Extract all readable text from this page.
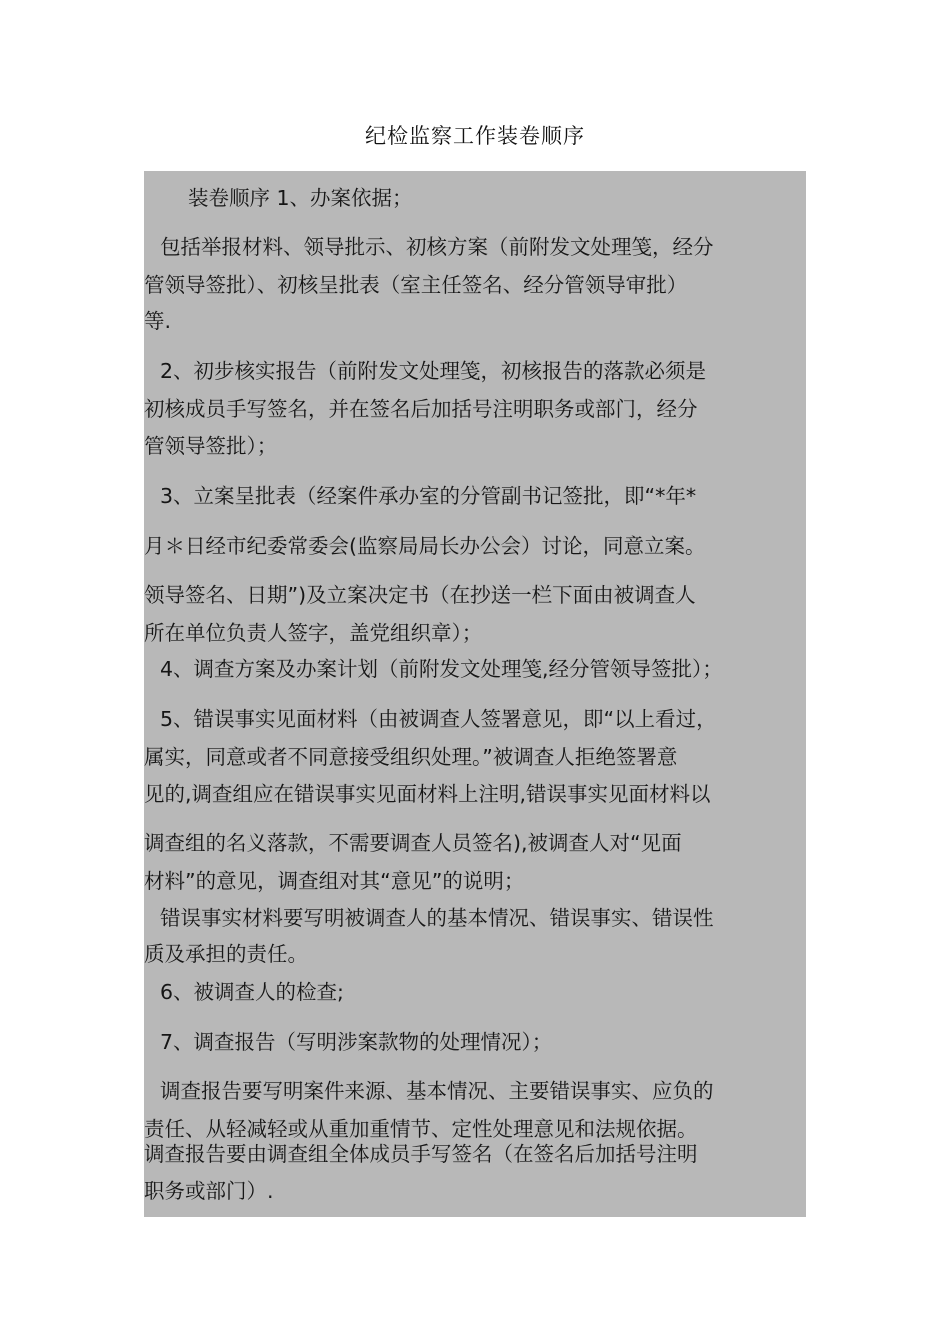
纪检监察工作装卷顺序
装卷顺序 1、办案依据；
包括举报材料、领导批示、初核方案（前附发文处理笺，经分
管领导签批）、初核呈批表（室主任签名、经分管领导审批）
等.
2、初步核实报告（前附发文处理笺，初核报告的落款必须是
初核成员手写签名，并在签名后加括号注明职务或部门，经分
管领导签批）；
3、立案呈批表（经案件承办室的分管副书记签批，即“*年*
月＊日经市纪委常委会(监察局局长办公会）讨论，同意立案。
领导签名、日期”)及立案决定书（在抄送一栏下面由被调查人
所在单位负责人签字，盖党组织章）；
4、调查方案及办案计划（前附发文处理笺,经分管领导签批）；
5、错误事实见面材料（由被调查人签署意见，即“以上看过，
属实，同意或者不同意接受组织处理。”被调查人拒绝签署意
见的,调查组应在错误事实见面材料上注明,错误事实见面材料以
调查组的名义落款，不需要调查人员签名),被调查人对“见面
材料”的意见，调查组对其“意见”的说明；
错误事实材料要写明被调查人的基本情况、错误事实、错误性
质及承担的责任。
6、被调查人的检查;
7、调查报告（写明涉案款物的处理情况）；
调查报告要写明案件来源、基本情况、主要错误事实、应负的
责任、从轻减轻或从重加重情节、定性处理意见和法规依据。
调查报告要由调查组全体成员手写签名（在签名后加括号注明
职务或部门）.
